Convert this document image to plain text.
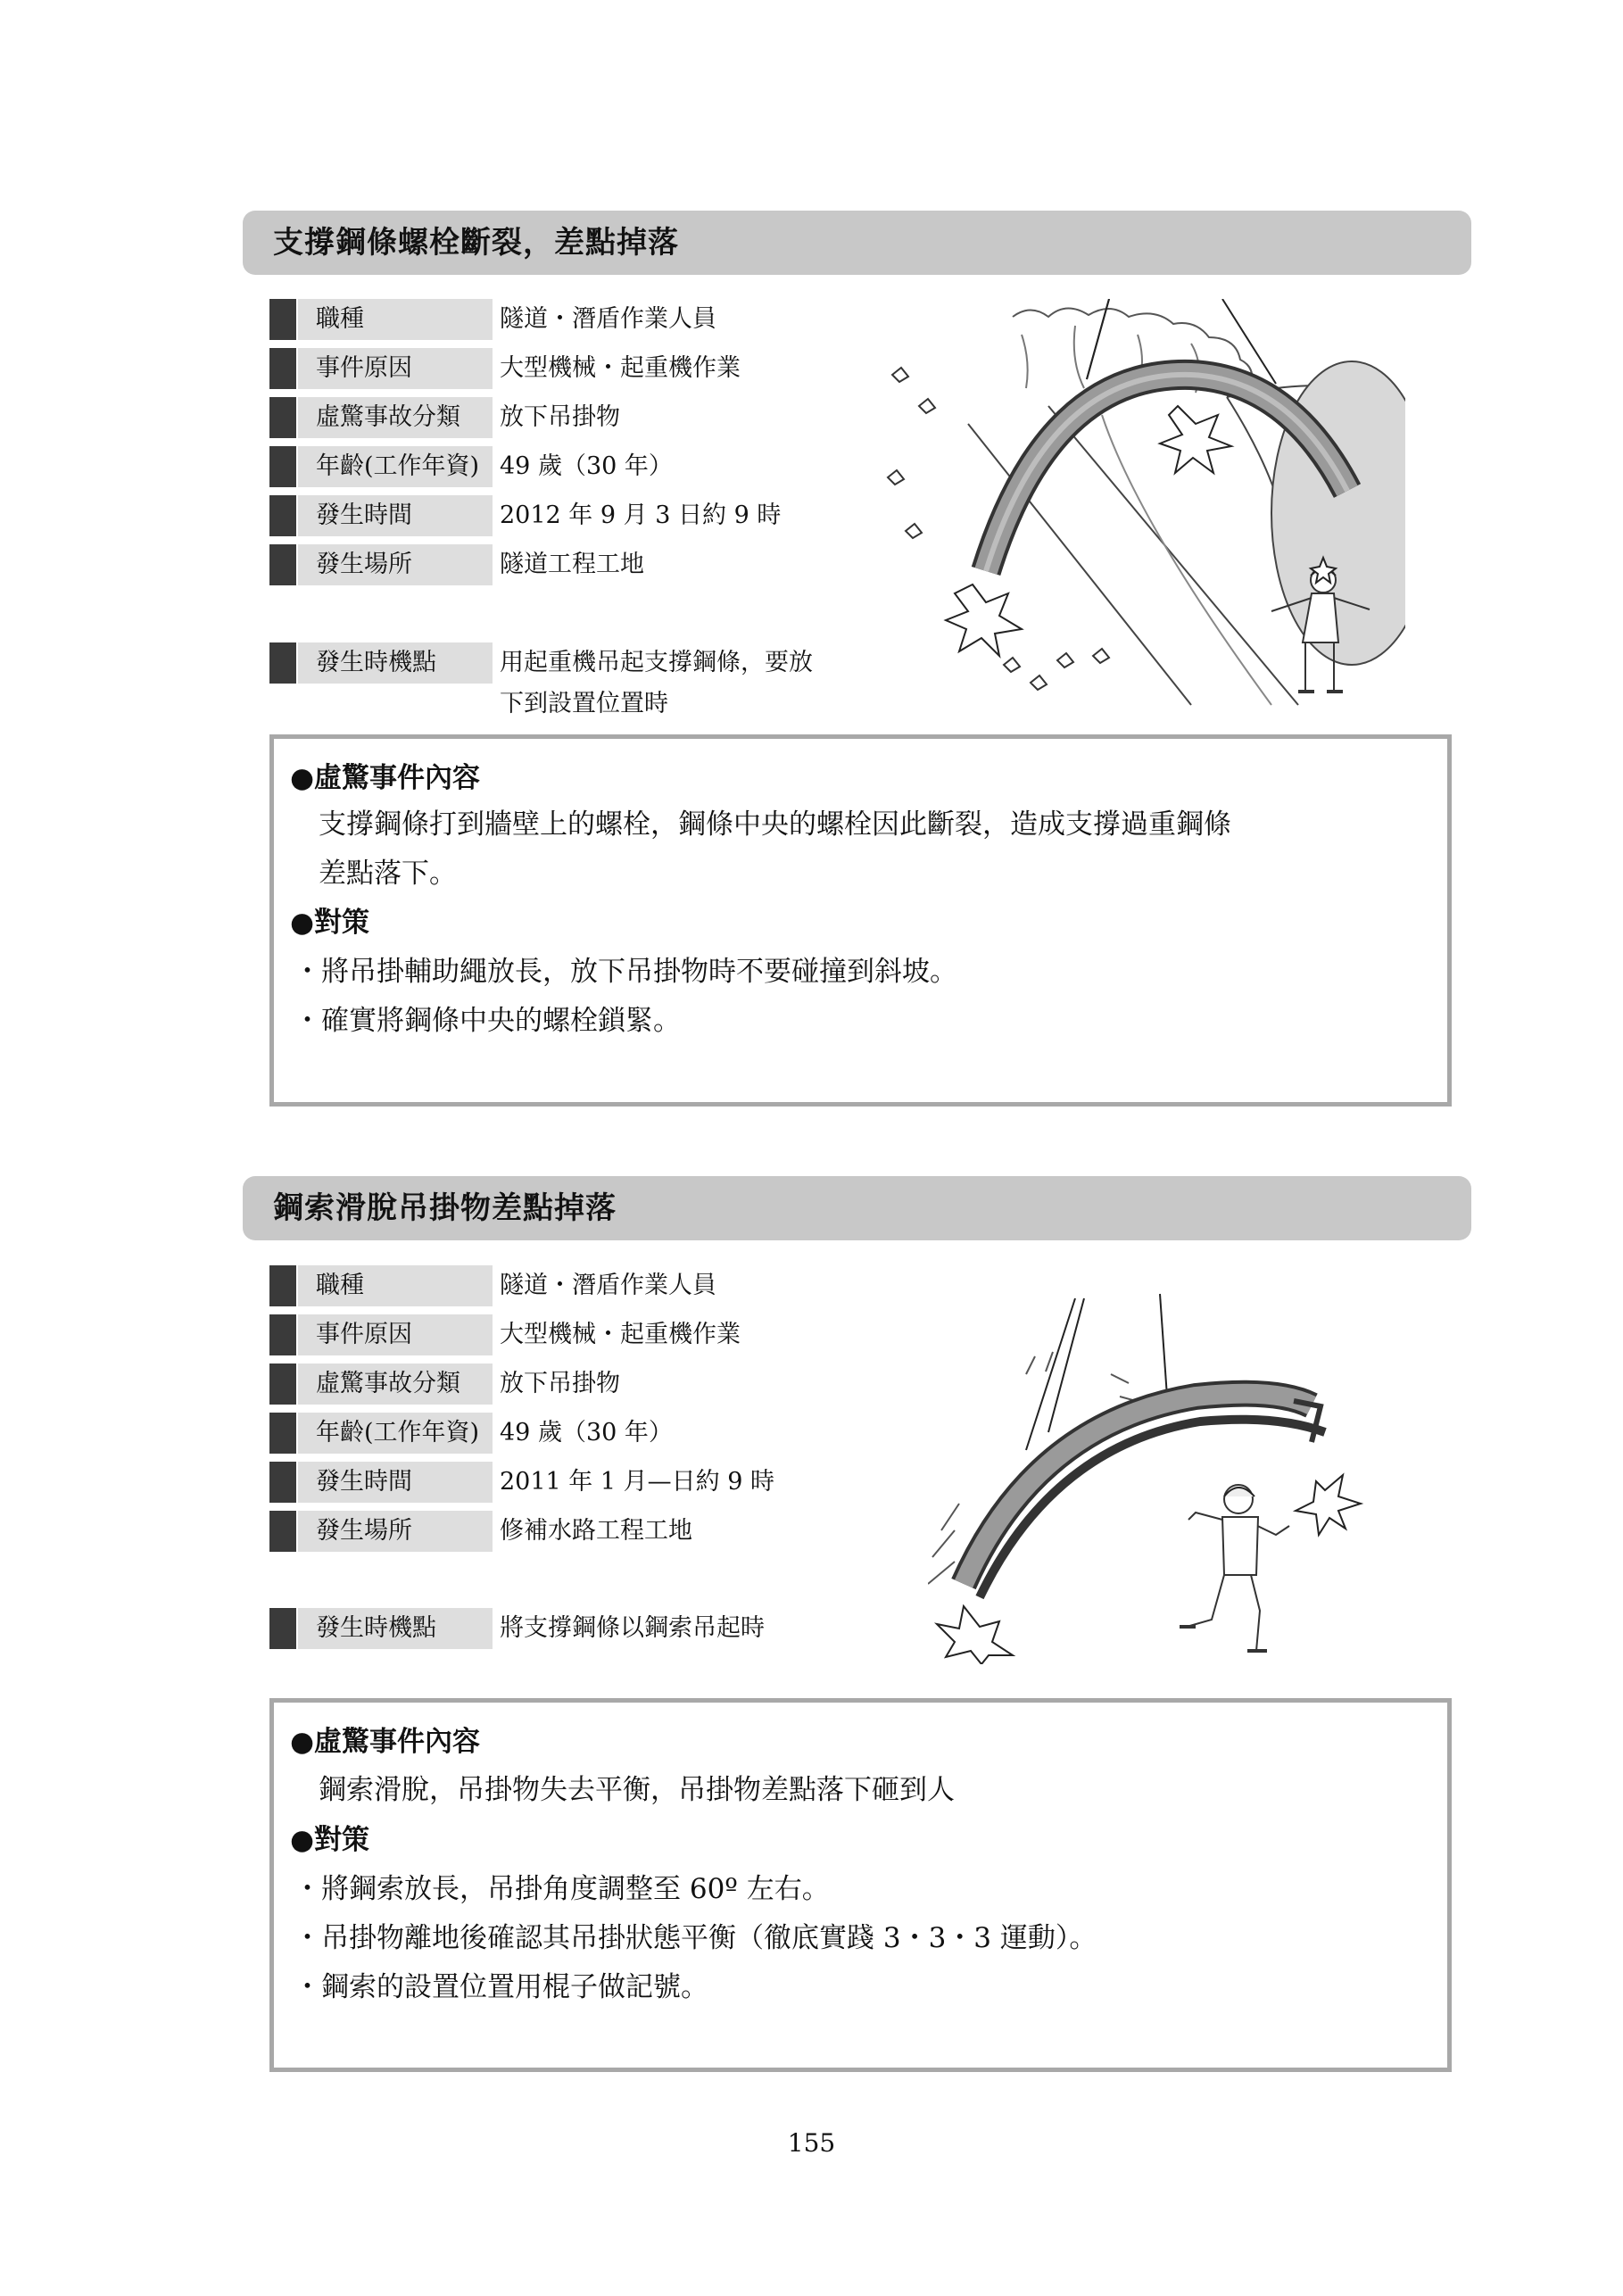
支撐鋼條螺栓斷裂，差點掉落
職種	隧道・潛盾作業人員
事件原因	大型機械・起重機作業
虛驚事故分類	放下吊掛物
年齡(工作年資) 49 歲（30 年）
發生時間	2012 年 9 月 3 日約 9 時
發生場所	隧道工程工地
發生時機點	用起重機吊起支撐鋼條，要放
下到設置位置時
●虛驚事件內容
支撐鋼條打到牆壁上的螺栓，鋼條中央的螺栓因此斷裂，造成支撐過重鋼條
差點落下。
●對策
・將吊掛輔助繩放長，放下吊掛物時不要碰撞到斜坡。
・確實將鋼條中央的螺栓鎖緊。
鋼索滑脫吊掛物差點掉落
職種	隧道・潛盾作業人員
事件原因	大型機械・起重機作業
虛驚事故分類	放下吊掛物
年齡(工作年資) 49 歲（30 年）
發生時間	2011 年 1 月—日約 9 時
發生場所	修補水路工程工地
發生時機點	將支撐鋼條以鋼索吊起時
●虛驚事件內容
鋼索滑脫，吊掛物失去平衡，吊掛物差點落下砸到人
●對策
・將鋼索放長，吊掛角度調整至 60º 左右。
・吊掛物離地後確認其吊掛狀態平衡（徹底實踐 3・3・3 運動）。
・鋼索的設置位置用棍子做記號。
155
